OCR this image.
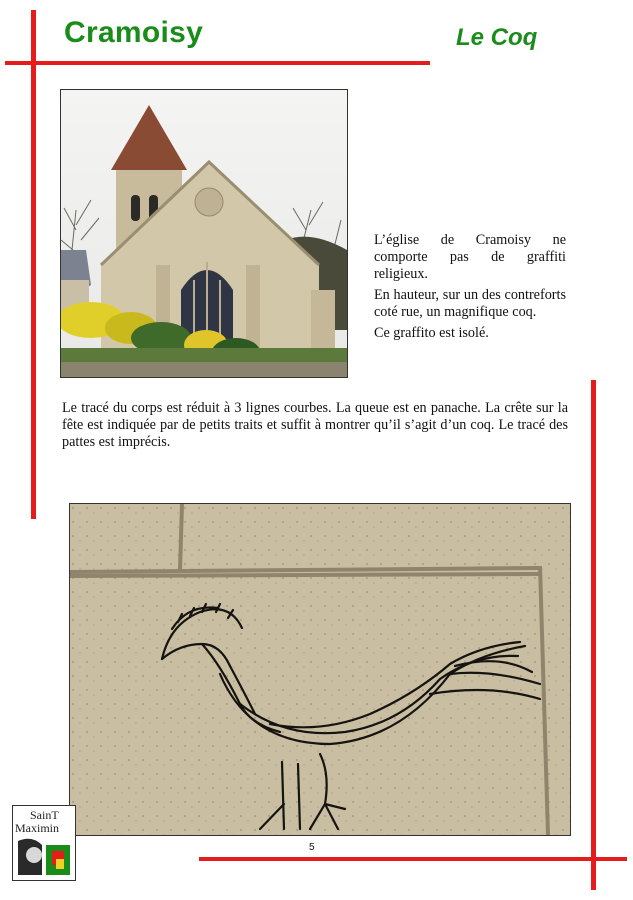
Cramoisy	Le Coq

L’église de Cramoisy ne comporte pas de graffiti religieux.

En hauteur, sur un des contreforts coté rue, un magnifique coq.

Ce graffito est isolé.

Le tracé du corps est réduit à 3 lignes courbes. La queue est en panache. La crête sur la fête est indiquée par de petits traits et suffit à montrer qu’il s’agit d’un coq. Le tracé des pattes est imprécis.

5
SainT
Maximin
